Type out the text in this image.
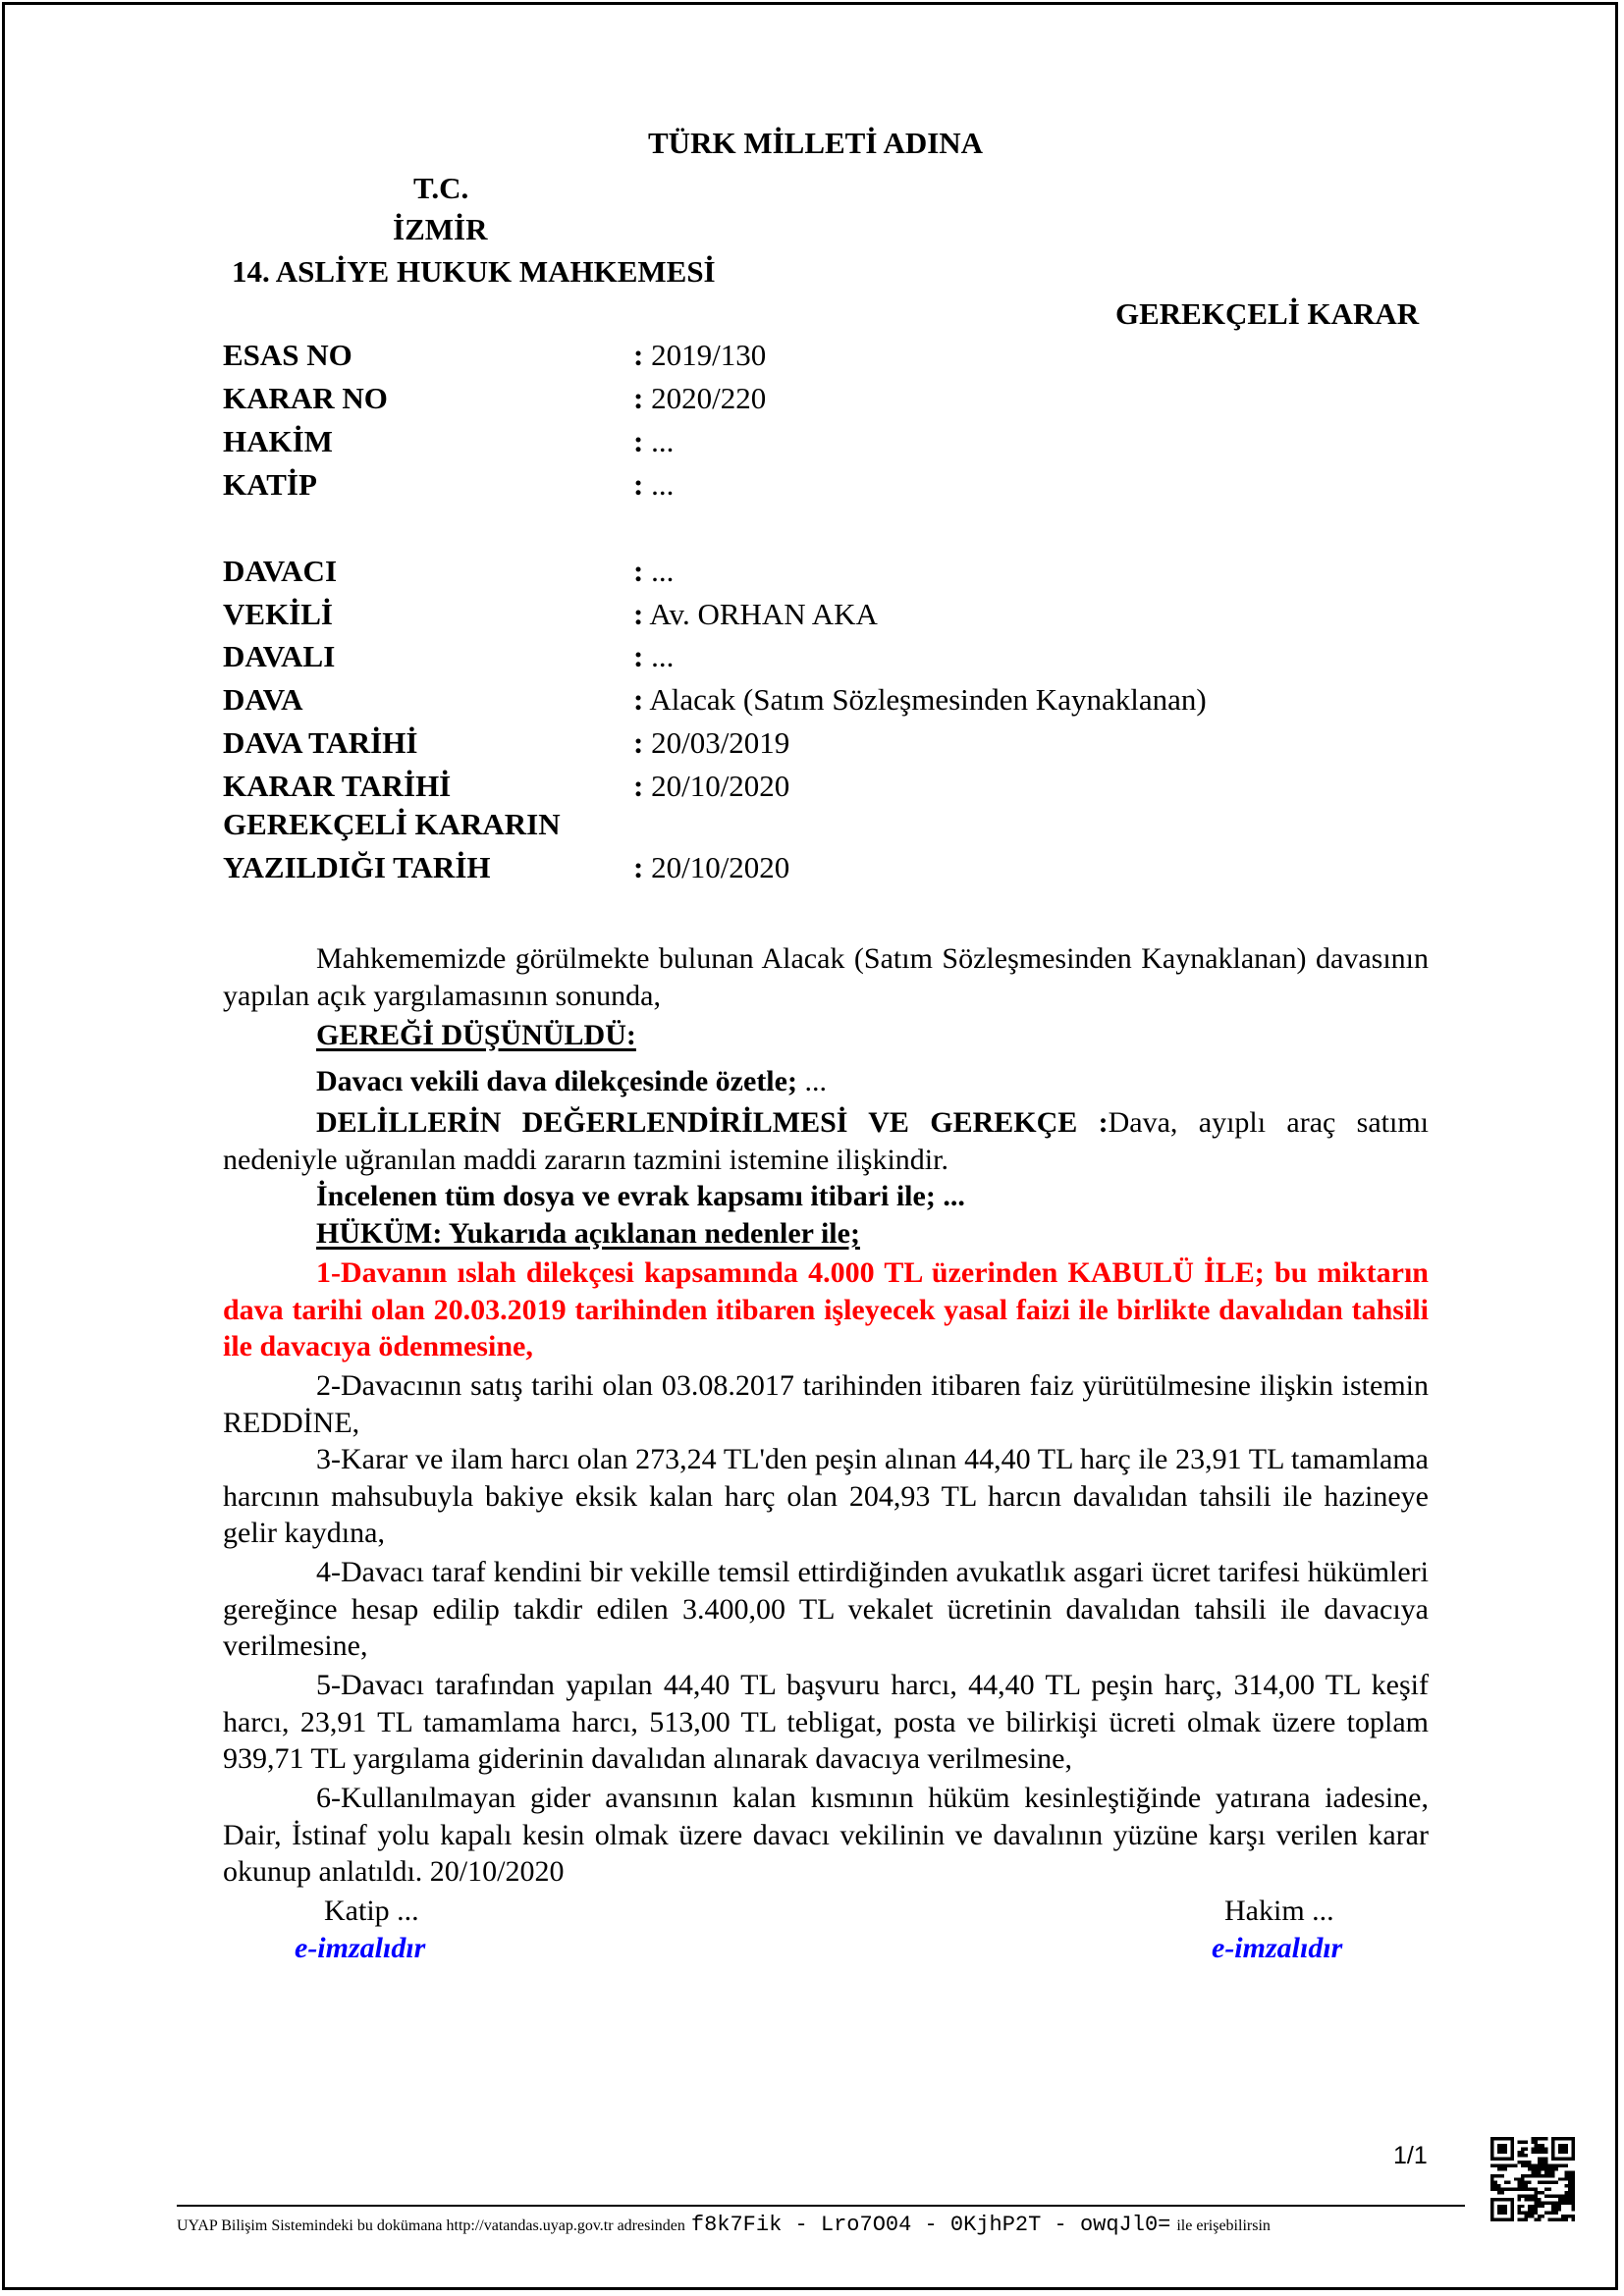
TÜRK MİLLETİ ADINA
T.C.
İZMİR
14. ASLİYE HUKUK MAHKEMESİ
GEREKÇELİ KARAR
ESAS NO	: 2019/130
KARAR NO	: 2020/220
HAKİM	: ...
KATİP	: ...
DAVACI	: ...
VEKİLİ	: Av. ORHAN AKA
DAVALI	: ...
DAVA	: Alacak (Satım Sözleşmesinden Kaynaklanan)
DAVA TARİHİ	: 20/03/2019
KARAR TARİHİ	: 20/10/2020
GEREKÇELİ KARARIN
YAZILDIĞI TARİH	: 20/10/2020

Mahkememizde görülmekte bulunan Alacak (Satım Sözleşmesinden Kaynaklanan) davasının yapılan açık yargılamasının sonunda,

GEREĞİ DÜŞÜNÜLDÜ:

Davacı vekili dava dilekçesinde özetle; ...

DELİLLERİN DEĞERLENDİRİLMESİ VE GEREKÇE :Dava, ayıplı araç satımı nedeniyle uğranılan maddi zararın tazmini istemine ilişkindir.

İncelenen tüm dosya ve evrak kapsamı itibari ile; ...

HÜKÜM: Yukarıda açıklanan nedenler ile;

1-Davanın ıslah dilekçesi kapsamında 4.000 TL üzerinden KABULÜ İLE; bu miktarın dava tarihi olan 20.03.2019 tarihinden itibaren işleyecek yasal faizi ile birlikte davalıdan tahsili ile davacıya ödenmesine,

2-Davacının satış tarihi olan 03.08.2017 tarihinden itibaren faiz yürütülmesine ilişkin istemin REDDİNE,

3-Karar ve ilam harcı olan 273,24 TL'den peşin alınan 44,40 TL harç ile 23,91 TL tamamlama harcının mahsubuyla bakiye eksik kalan harç olan 204,93 TL harcın davalıdan tahsili ile hazineye gelir kaydına,

4-Davacı taraf kendini bir vekille temsil ettirdiğinden avukatlık asgari ücret tarifesi hükümleri gereğince hesap edilip takdir edilen 3.400,00 TL vekalet ücretinin davalıdan tahsili ile davacıya verilmesine,

5-Davacı tarafından yapılan 44,40 TL başvuru harcı, 44,40 TL peşin harç, 314,00 TL keşif harcı, 23,91 TL tamamlama harcı, 513,00 TL tebligat, posta ve bilirkişi ücreti olmak üzere toplam 939,71 TL yargılama giderinin davalıdan alınarak davacıya verilmesine,

6-Kullanılmayan gider avansının kalan kısmının hüküm kesinleştiğinde yatırana iadesine, Dair, İstinaf yolu kapalı kesin olmak üzere davacı vekilinin ve davalının yüzüne karşı verilen karar okunup anlatıldı. 20/10/2020

Katip ...
e-imzalıdır
Hakim ...
e-imzalıdır
1/1
UYAP Bilişim Sistemindeki bu dokümana http://vatandas.uyap.gov.tr adresinden f8k7Fik - Lro7O04 - 0KjhP2T - owqJl0= ile erişebilirsin
